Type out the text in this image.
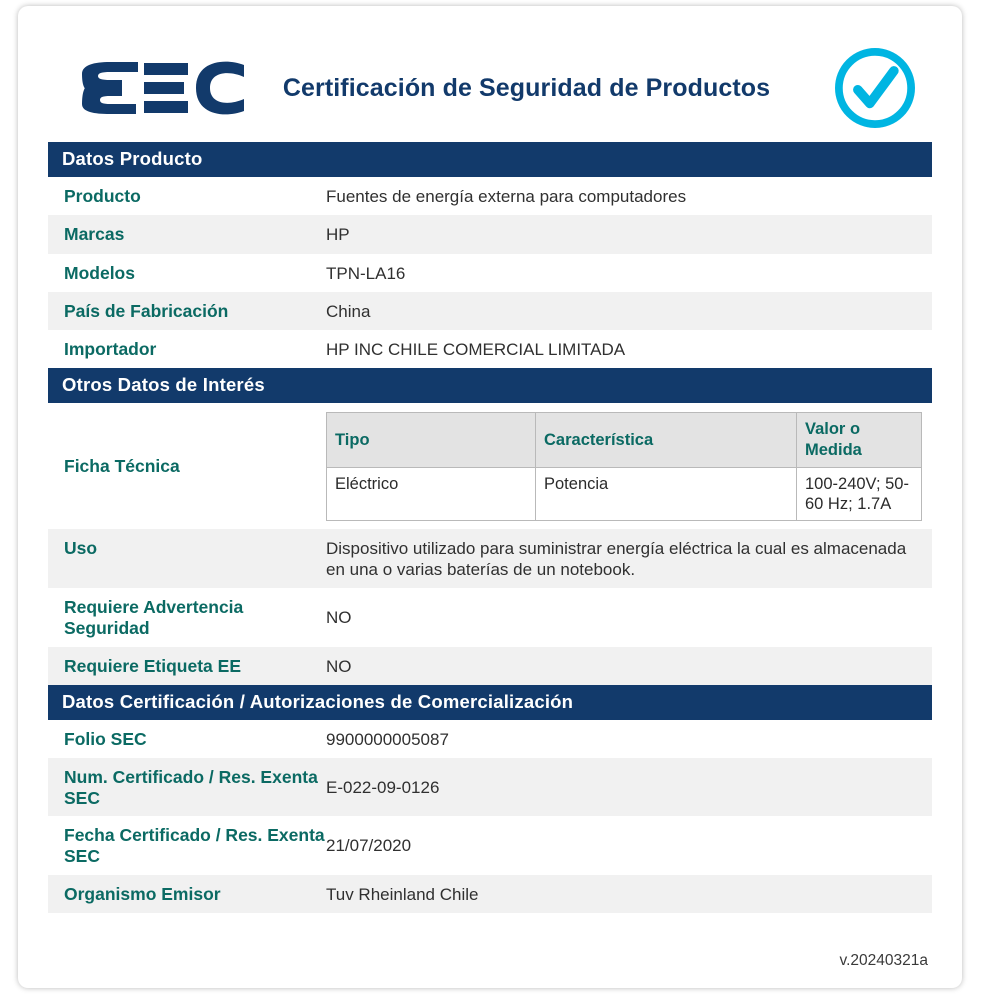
Certificación de Seguridad de Productos
Datos Producto
Producto	Fuentes de energía externa para computadores
Marcas	HP
Modelos	TPN-LA16
País de Fabricación	China
Importador	HP INC CHILE COMERCIAL LIMITADA
Otros Datos de Interés
Ficha Técnica	
Tipo	Característica	Valor o Medida
Eléctrico	Potencia	100-240V; 50-60 Hz; 1.7A

Uso	Dispositivo utilizado para suministrar energía eléctrica la cual es almacenada en una o varias baterías de un notebook.
Requiere Advertencia Seguridad	NO
Requiere Etiqueta EE	NO
Datos Certificación / Autorizaciones de Comercialización
Folio SEC	9900000005087
Num. Certificado / Res. Exenta SEC	E-022-09-0126
Fecha Certificado / Res. Exenta SEC	21/07/2020
Organismo Emisor	Tuv Rheinland Chile
v.20240321a
